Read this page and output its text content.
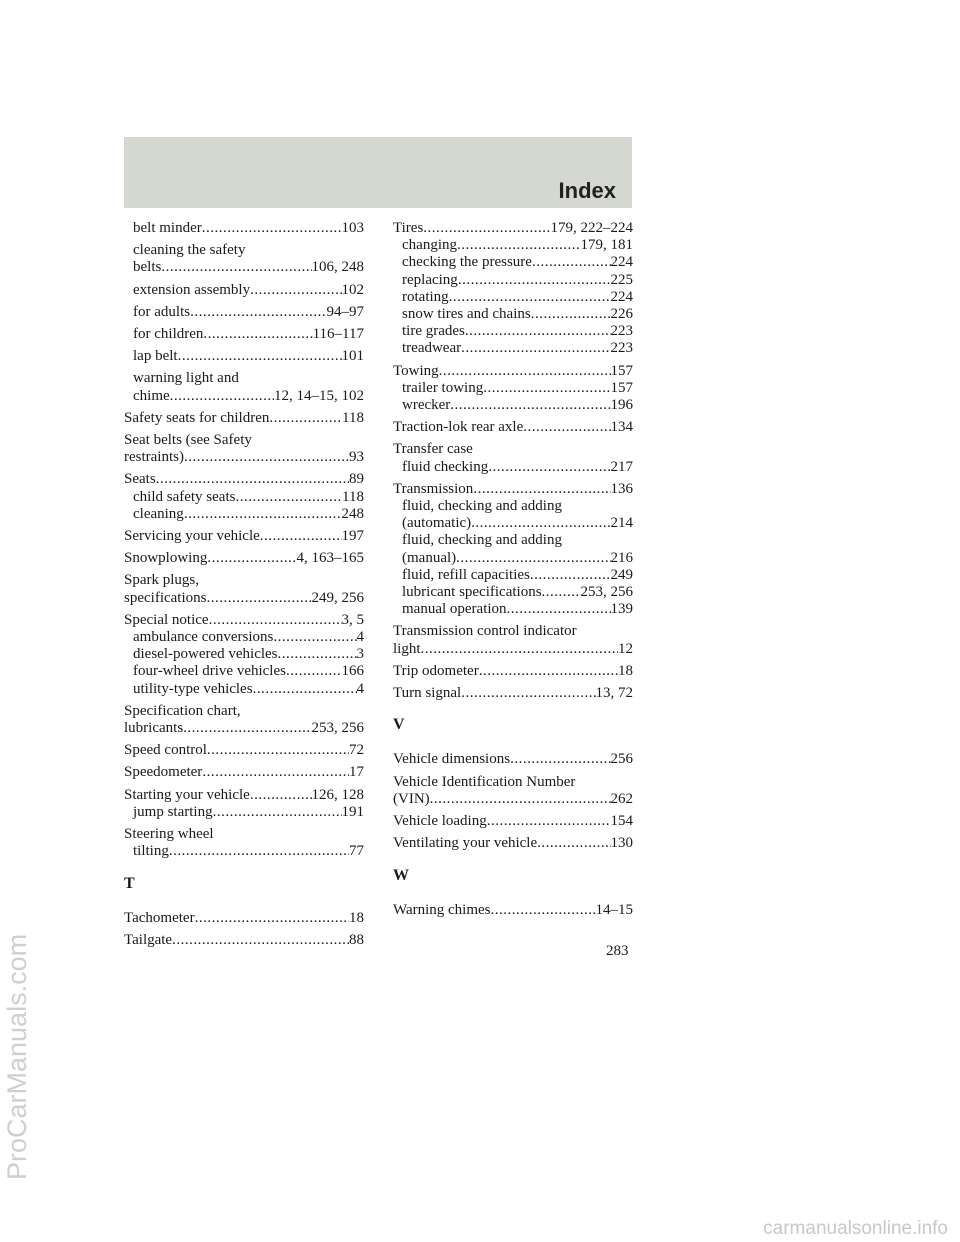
Index
belt minder .....	103
cleaning the safety
belts .....	106, 248
extension assembly .....	102
for adults .....	94–97
for children .....	116–117
lap belt .....	101
warning light and
chime .....	12, 14–15, 102
Safety seats for children .....	118
Seat belts (see Safety
restraints) .....	93
Seats .....	89
child safety seats .....	118
cleaning .....	248
Servicing your vehicle .....	197
Snowplowing .....	4, 163–165
Spark plugs,
specifications .....	249, 256
Special notice .....	3, 5
ambulance conversions .....	4
diesel-powered vehicles .....	3
four-wheel drive vehicles .....	166
utility-type vehicles .....	4
Specification chart,
lubricants .....	253, 256
Speed control .....	72
Speedometer .....	17
Starting your vehicle .....	126, 128
jump starting .....	191
Steering wheel
tilting .....	77
T
Tachometer .....	18
Tailgate .....	88
Tires .....	179, 222–224
changing .....	179, 181
checking the pressure .....	224
replacing .....	225
rotating .....	224
snow tires and chains .....	226
tire grades .....	223
treadwear .....	223
Towing .....	157
trailer towing .....	157
wrecker .....	196
Traction-lok rear axle .....	134
Transfer case
fluid checking .....	217
Transmission .....	136
fluid, checking and adding
(automatic) .....	214
fluid, checking and adding
(manual) .....	216
fluid, refill capacities .....	249
lubricant specifications .....	253, 256
manual operation .....	139
Transmission control indicator
light .....	12
Trip odometer .....	18
Turn signal .....	13, 72
V
Vehicle dimensions .....	256
Vehicle Identification Number
(VIN) .....	262
Vehicle loading .....	154
Ventilating your vehicle .....	130
W
Warning chimes .....	14–15
283
ProCarManuals.com
carmanualsonline.info
